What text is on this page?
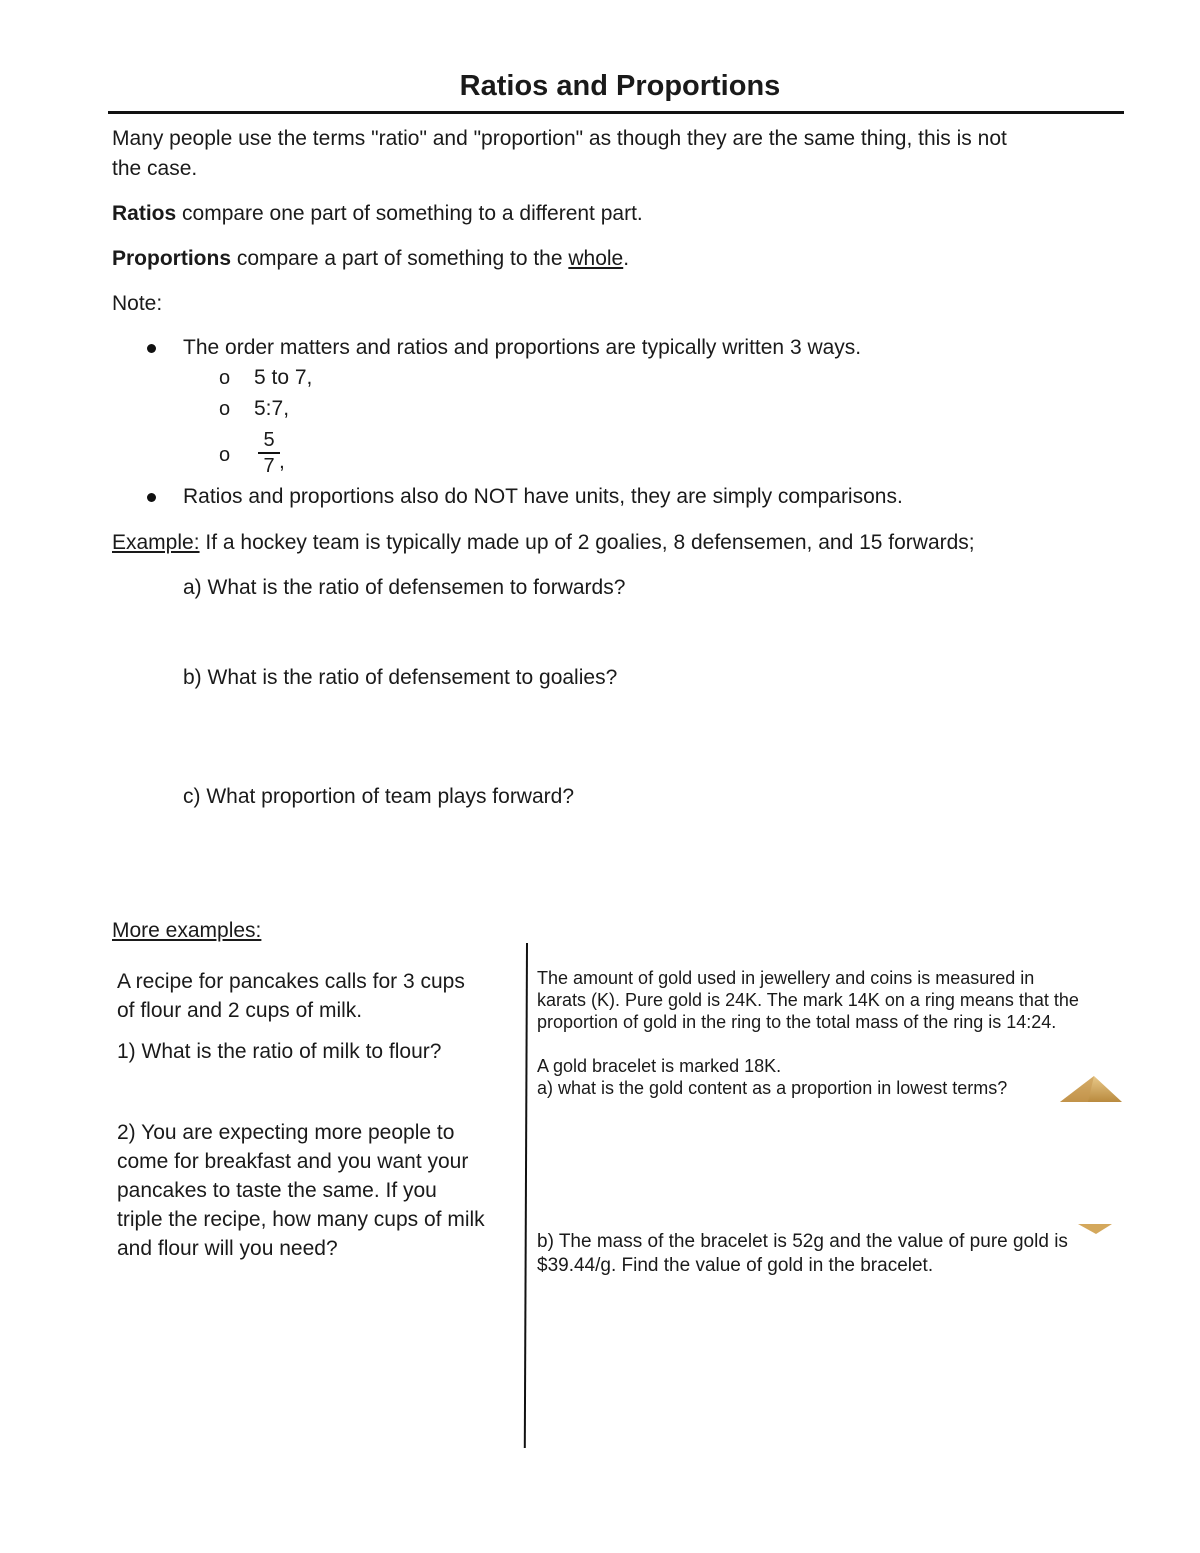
Ratios and Proportions
Many people use the terms "ratio" and "proportion" as though they are the same thing, this is not
the case.
Ratios compare one part of something to a different part.
Proportions compare a part of something to the whole.
Note:
The order matters and ratios and proportions are typically written 3 ways.
o 5 to 7,
o 5:7,
o
5
7 ,
Ratios and proportions also do NOT have units, they are simply comparisons.
Example: If a hockey team is typically made up of 2 goalies, 8 defensemen, and 15 forwards;
a) What is the ratio of defensemen to forwards?
b) What is the ratio of defensement to goalies?
c) What proportion of team plays forward?
More examples:
A recipe for pancakes calls for 3 cups
of flour and 2 cups of milk.
1) What is the ratio of milk to flour?
2) You are expecting more people to
come for breakfast and you want your
pancakes to taste the same. If you
triple the recipe, how many cups of milk
and flour will you need?
The amount of gold used in jewellery and coins is measured in
karats (K). Pure gold is 24K. The mark 14K on a ring means that the
proportion of gold in the ring to the total mass of the ring is 14:24.
A gold bracelet is marked 18K.
a) what is the gold content as a proportion in lowest terms?
b) The mass of the bracelet is 52g and the value of pure gold is
$39.44/g. Find the value of gold in the bracelet.
